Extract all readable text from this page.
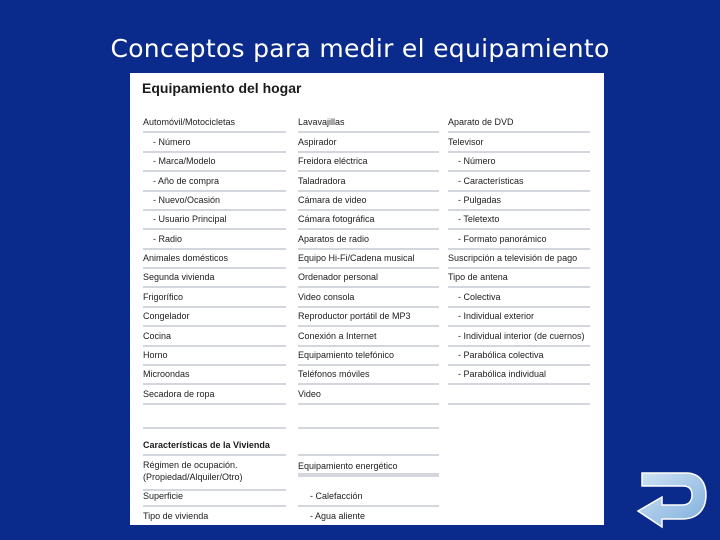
Conceptos para medir el equipamiento
Equipamiento del hogar
Automóvil/Motocicletas
- Número
- Marca/Modelo
- Año de compra
- Nuevo/Ocasión
- Usuario Principal
- Radio
Animales domésticos
Segunda vivienda
Frigorífico
Congelador
Cocina
Horno
Microondas
Secadora de ropa
Lavavajillas
Aspirador
Freidora eléctrica
Taladradora
Cámara de video
Cámara fotográfica
Aparatos de radio
Equipo Hi-Fi/Cadena musical
Ordenador personal
Video consola
Reproductor portátil de MP3
Conexión a Internet
Equipamiento telefónico
Teléfonos móviles
Video
Aparato de DVD
Televisor
- Número
- Características
- Pulgadas
- Teletexto
- Formato panorámico
Suscripción a televisión de pago
Tipo de antena
- Colectiva
- Individual exterior
- Individual interior (de cuernos)
- Parabólica colectiva
- Parabólica individual
Características de la Vivienda
Régimen de ocupación.
(Propiedad/Alquiler/Otro)
Equipamiento energético
Superficie	- Calefacción
Tipo de vivienda	- Agua aliente
